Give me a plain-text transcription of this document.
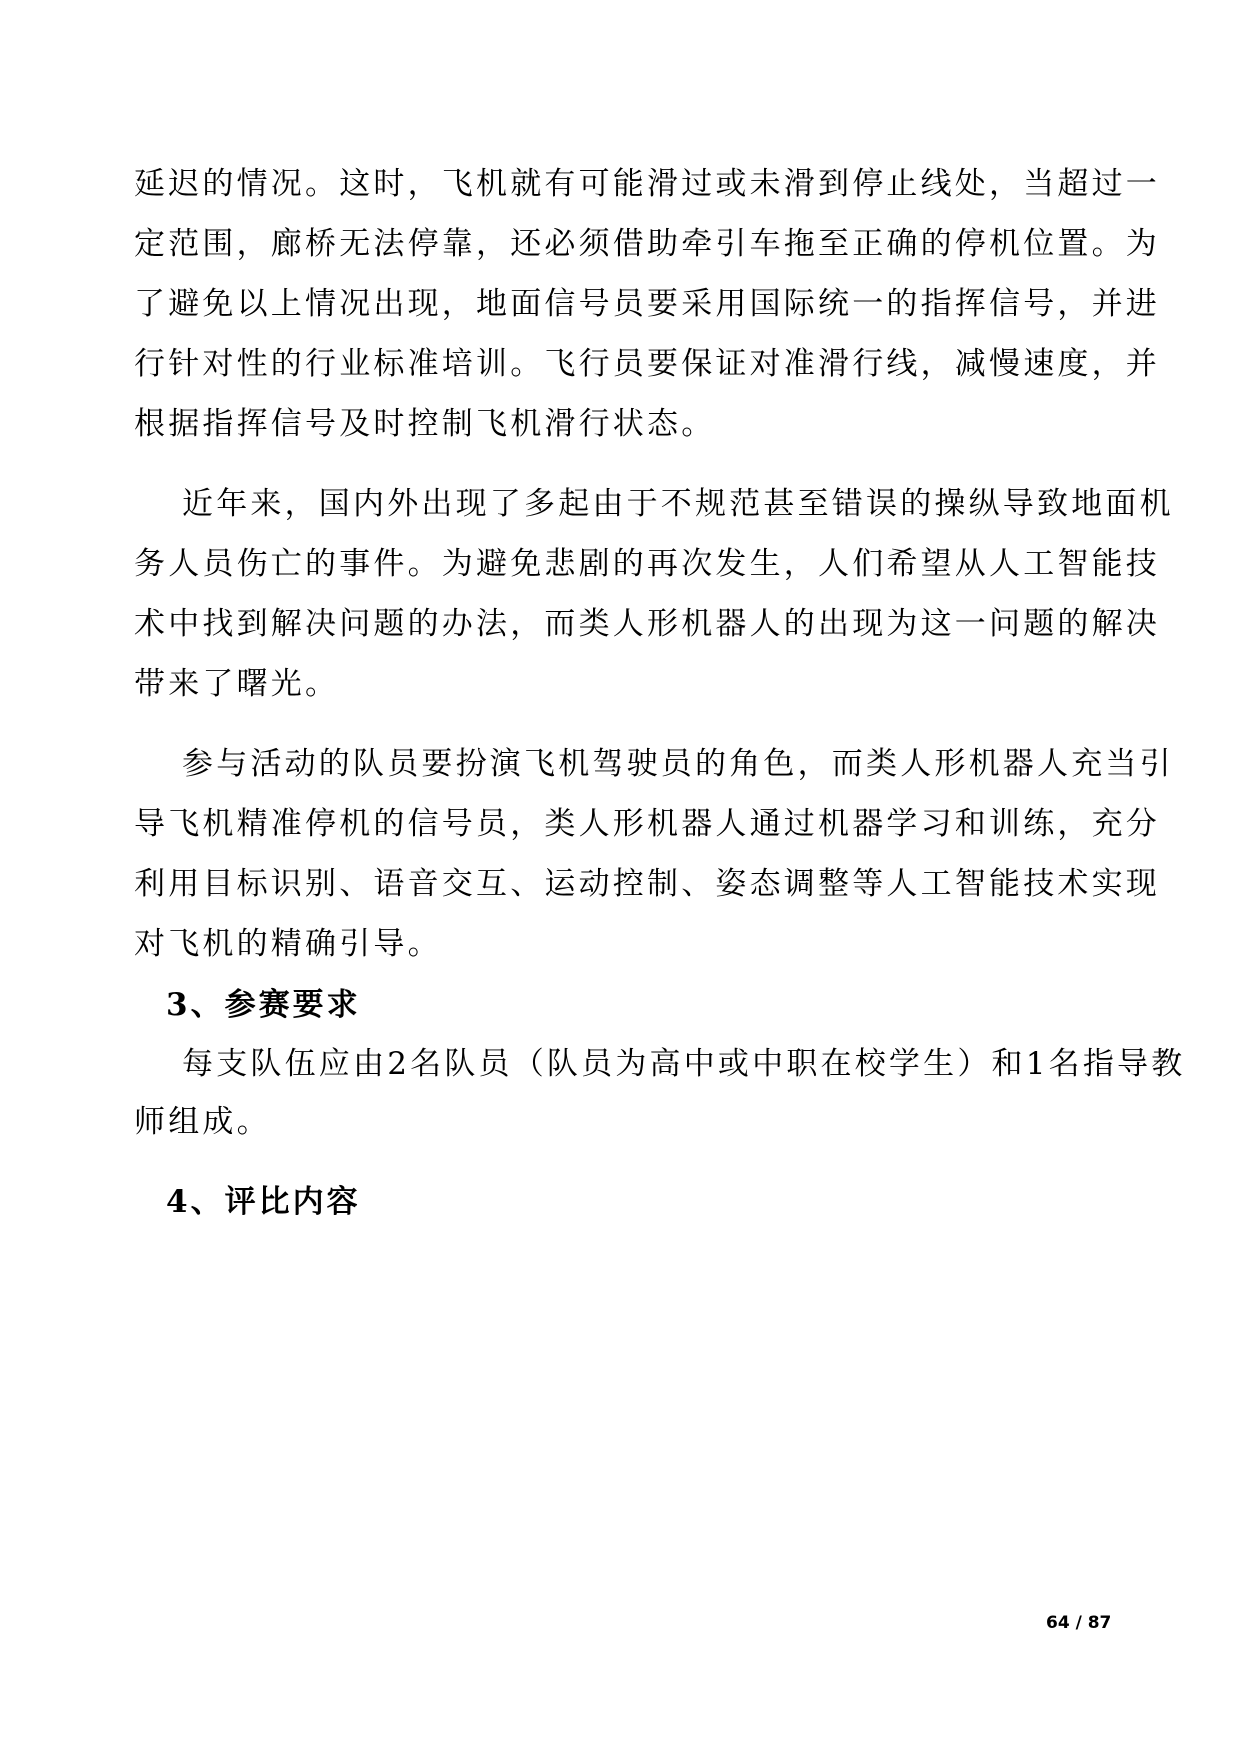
延迟的情况。这时，飞机就有可能滑过或未滑到停止线处，当超过一
定范围，廊桥无法停靠，还必须借助牵引车拖至正确的停机位置。为
了避免以上情况出现，地面信号员要采用国际统一的指挥信号，并进
行针对性的行业标准培训。飞行员要保证对准滑行线，减慢速度，并
根据指挥信号及时控制飞机滑行状态。
近年来，国内外出现了多起由于不规范甚至错误的操纵导致地面机
务人员伤亡的事件。为避免悲剧的再次发生，人们希望从人工智能技
术中找到解决问题的办法，而类人形机器人的出现为这一问题的解决
带来了曙光。
参与活动的队员要扮演飞机驾驶员的角色，而类人形机器人充当引
导飞机精准停机的信号员，类人形机器人通过机器学习和训练，充分
利用目标识别、语音交互、运动控制、姿态调整等人工智能技术实现
对飞机的精确引导。
3、参赛要求
每支队伍应由2名队员（队员为高中或中职在校学生）和1名指导教
师组成。
4、评比内容
64 / 87
